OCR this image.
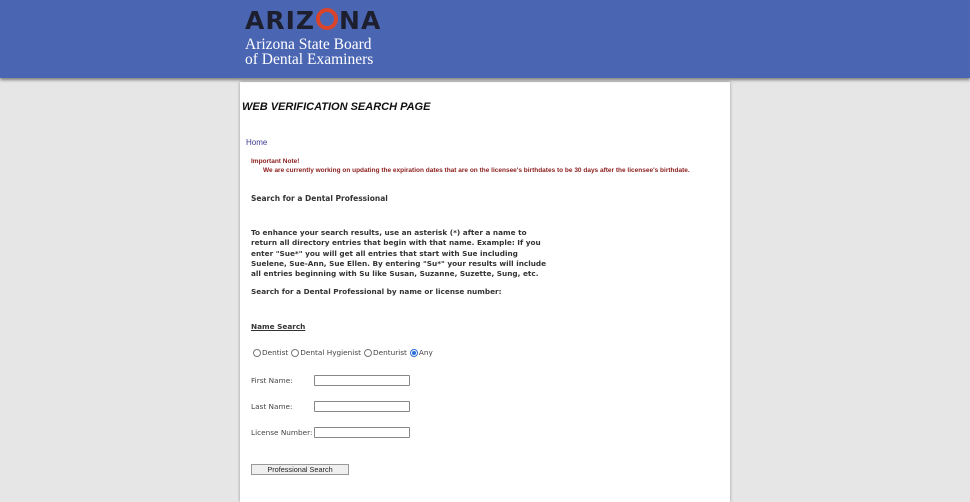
ARIZ NA
Arizona State Board
of Dental Examiners
WEB VERIFICATION SEARCH PAGE
Home
Important Note!
We are currently working on updating the expiration dates that are on the licensee's birthdates to be 30 days after the licensee's birthdate.
Search for a Dental Professional
To enhance your search results, use an asterisk (*) after a name to return all directory entries that begin with that name. Example: If you enter "Sue*" you will get all entries that start with Sue including Suelene, Sue-Ann, Sue Ellen. By entering "Su*" your results will include all entries beginning with Su like Susan, Suzanne, Suzette, Sung, etc.
Search for a Dental Professional by name or license number:
Name Search
Dentist Dental Hygienist Denturist Any
First Name:
Last Name:
License Number:
Professional Search
